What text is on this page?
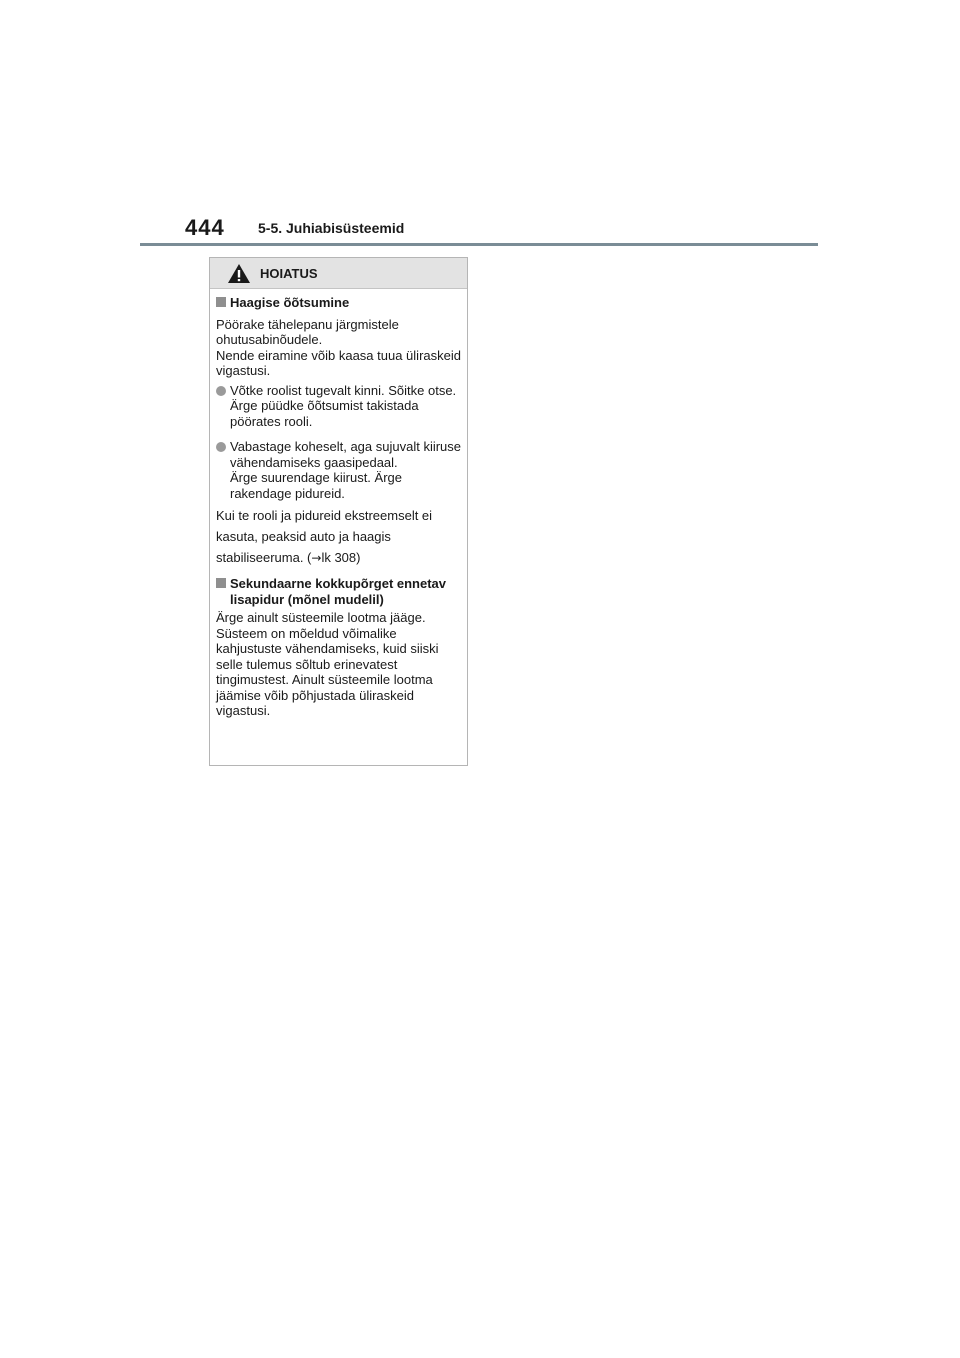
444 5-5. Juhiabisüsteemid
HOIATUS
Haagise õõtsumine
Pöörake tähelepanu järgmistele ohutusabinõudele.
Nende eiramine võib kaasa tuua üliraskeid vigastusi.
Võtke roolist tugevalt kinni. Sõitke otse. Ärge püüdke õõtsumist takistada pöörates rooli.
Vabastage koheselt, aga sujuvalt kiiruse vähendamiseks gaasipedaal.
Ärge suurendage kiirust. Ärge rakendage pidureid.
Kui te rooli ja pidureid ekstreemselt ei kasuta, peaksid auto ja haagis stabiliseeruma. (→lk 308)
Sekundaarne kokkupõrget ennetav lisapidur (mõnel mudelil)
Ärge ainult süsteemile lootma jääge. Süsteem on mõeldud võimalike kahjustuste vähendamiseks, kuid siiski selle tulemus sõltub erinevatest tingimustest. Ainult süsteemile lootma jäämise võib põhjustada üliraskeid vigastusi.
